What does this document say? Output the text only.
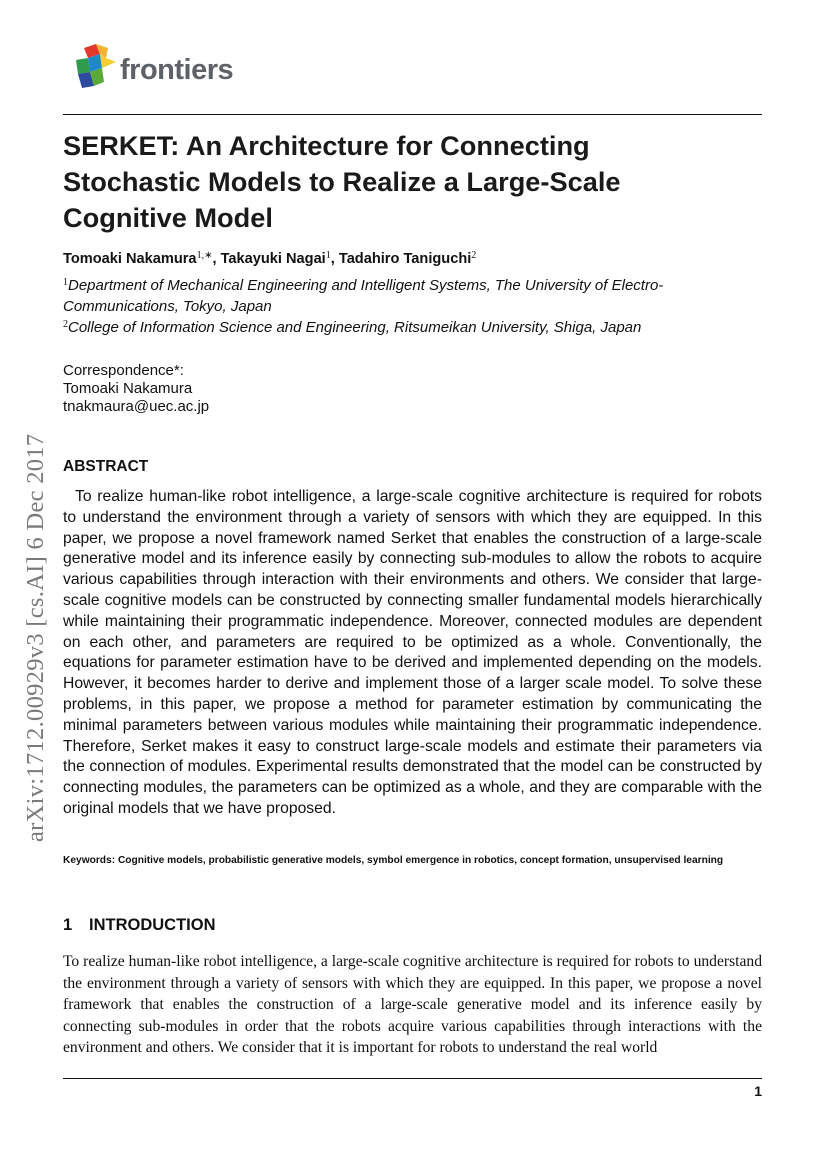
frontiers
SERKET: An Architecture for Connecting Stochastic Models to Realize a Large-Scale Cognitive Model
Tomoaki Nakamura$^{1,∗}$, Takayuki Nagai$^1$, Tadahiro Taniguchi$^2$
$^1$Department of Mechanical Engineering and Intelligent Systems, The University of Electro-Communications, Tokyo, Japan
$^2$College of Information Science and Engineering, Ritsumeikan University, Shiga, Japan
Correspondence*:
Tomoaki Nakamura
tnakmaura@uec.ac.jp
arXiv:1712.00929v3 [cs.AI] 6 Dec 2017 ABSTRACT

To realize human-like robot intelligence, a large-scale cognitive architecture is required for robots to understand the environment through a variety of sensors with which they are equipped. In this paper, we propose a novel framework named Serket that enables the construction of a large-scale generative model and its inference easily by connecting sub-modules to allow the robots to acquire various capabilities through interaction with their environments and others. We consider that large-scale cognitive models can be constructed by connecting smaller fundamental models hierarchically while maintaining their programmatic independence. Moreover, connected modules are dependent on each other, and parameters are required to be optimized as a whole. Conventionally, the equations for parameter estimation have to be derived and implemented depending on the models. However, it becomes harder to derive and implement those of a larger scale model. To solve these problems, in this paper, we propose a method for parameter estimation by communicating the minimal parameters between various modules while maintaining their programmatic independence. Therefore, Serket makes it easy to construct large-scale models and estimate their parameters via the connection of modules. Experimental results demonstrated that the model can be constructed by connecting modules, the parameters can be optimized as a whole, and they are comparable with the original models that we have proposed.

Keywords: Cognitive models, probabilistic generative models, symbol emergence in robotics, concept formation, unsupervised learning

1 INTRODUCTION

To realize human-like robot intelligence, a large-scale cognitive architecture is required for robots to understand the environment through a variety of sensors with which they are equipped. In this paper, we propose a novel framework that enables the construction of a large-scale generative model and its inference easily by connecting sub-modules in order that the robots acquire various capabilities through interactions with the environment and others. We consider that it is important for robots to understand the real world

1
